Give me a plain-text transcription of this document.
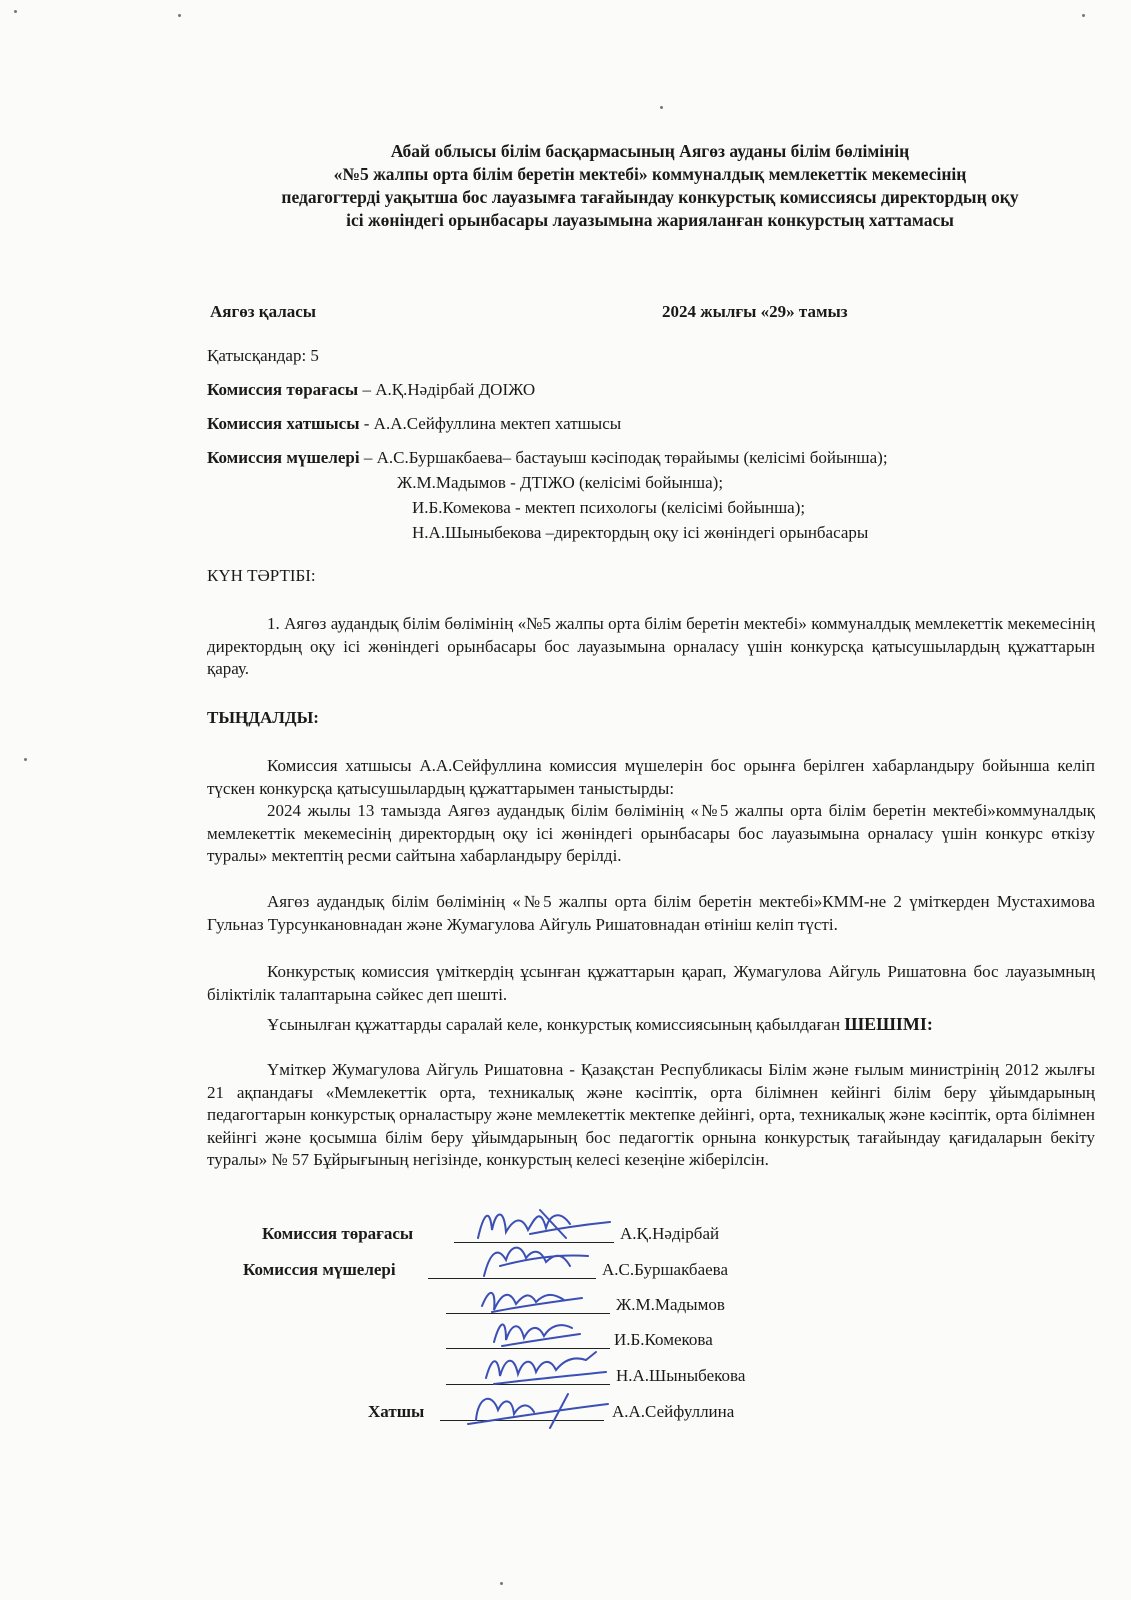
Абай облысы білім басқармасының Аягөз ауданы білім бөлімінің
«№5 жалпы орта білім беретін мектебі» коммуналдық мемлекеттік мекемесінің
педагогтерді уақытша бос лауазымға тағайындау конкурстық комиссиясы директордың оқу
ісі жөніндегі орынбасары лауазымына жарияланған конкурстың хаттамасы
Аягөз қаласы	2024 жылғы «29» тамыз
Қатысқандар: 5
Комиссия төрағасы – А.Қ.Нәдірбай ДОІЖО
Комиссия хатшысы - А.А.Сейфуллина мектеп хатшысы
Комиссия мүшелері – А.С.Буршакбаева– бастауыш кәсіподақ төрайымы (келісімі бойынша);
Ж.М.Мадымов - ДТІЖО (келісімі бойынша);
И.Б.Комекова - мектеп психологы (келісімі бойынша);
Н.А.Шыныбекова –директордың оқу ісі жөніндегі орынбасары
КҮН ТӘРТІБІ:
1. Аягөз аудандық білім бөлімінің «№5 жалпы орта білім беретін мектебі» коммуналдық мемлекеттік мекемесінің директордың оқу ісі жөніндегі орынбасары бос лауазымына орналасу үшін конкурсқа қатысушылардың құжаттарын қарау.
ТЫҢДАЛДЫ:
Комиссия хатшысы А.А.Сейфуллина комиссия мүшелерін бос орынға берілген хабарландыру бойынша келіп түскен конкурсқа қатысушылардың құжаттарымен таныстырды:
2024 жылы 13 тамызда Аягөз аудандық білім бөлімінің «№5 жалпы орта білім беретін мектебі»коммуналдық мемлекеттік мекемесінің директордың оқу ісі жөніндегі орынбасары бос лауазымына орналасу үшін конкурс өткізу туралы» мектептің ресми сайтына хабарландыру берілді.
Аягөз аудандық білім бөлімінің «№5 жалпы орта білім беретін мектебі»КММ-не 2 үміткерден Мустахимова Гульназ Турсункановнадан және Жумагулова Айгуль Ришатовнадан өтініш келіп түсті.
Конкурстық комиссия үміткердің ұсынған құжаттарын қарап, Жумагулова Айгуль Ришатовна бос лауазымның біліктілік талаптарына сәйкес деп шешті.
Ұсынылған құжаттарды саралай келе, конкурстық комиссиясының қабылдаған ШЕШІМІ:
Үміткер Жумагулова Айгуль Ришатовна - Қазақстан Республикасы Білім және ғылым министрінің 2012 жылғы 21 ақпандағы «Мемлекеттік орта, техникалық және кәсіптік, орта білімнен кейінгі білім беру ұйымдарының педагогтарын конкурстық орналастыру және мемлекеттік мектепке дейінгі, орта, техникалық және кәсіптік, орта білімнен кейінгі және қосымша білім беру ұйымдарының бос педагогтік орнына конкурстық тағайындау қағидаларын бекіту туралы» № 57 Бұйрығының негізінде, конкурстың келесі кезеңіне жіберілсін.
Комиссия төрағасы	А.Қ.Нәдірбай
Комиссия мүшелері	А.С.Буршакбаева
Ж.М.Мадымов
И.Б.Комекова
Н.А.Шыныбекова
Хатшы	А.А.Сейфуллина
